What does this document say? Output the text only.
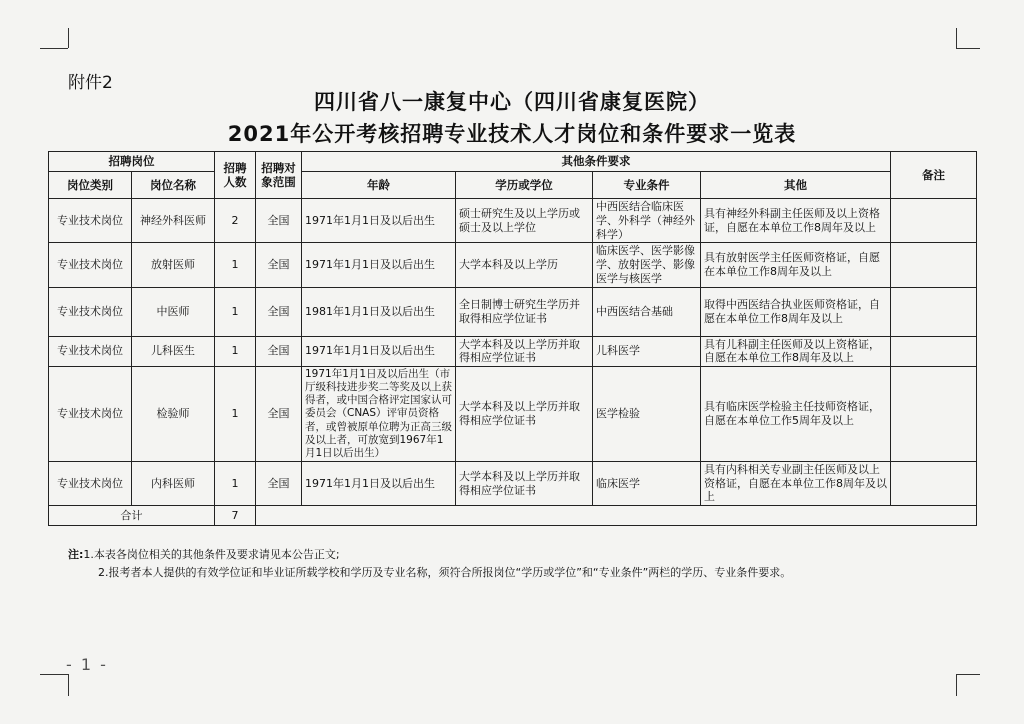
附件2
四川省八一康复中心（四川省康复医院）
2021年公开考核招聘专业技术人才岗位和条件要求一览表
招聘岗位		招聘人数	招聘对象范围	其他条件要求				备注
岗位类别	岗位名称			年龄	学历或学位	专业条件	其他	
专业技术岗位	神经外科医师	2	全国	1971年1月1日及以后出生	硕士研究生及以上学历或硕士及以上学位	中西医结合临床医学、外科学（神经外科学）	具有神经外科副主任医师及以上资格证，自愿在本单位工作8周年及以上	
专业技术岗位	放射医师	1	全国	1971年1月1日及以后出生	大学本科及以上学历	临床医学、医学影像学、放射医学、影像医学与核医学	具有放射医学主任医师资格证，自愿在本单位工作8周年及以上	
专业技术岗位	中医师	1	全国	1981年1月1日及以后出生	全日制博士研究生学历并取得相应学位证书	中西医结合基础	取得中西医结合执业医师资格证，自愿在本单位工作8周年及以上	
专业技术岗位	儿科医生	1	全国	1971年1月1日及以后出生	大学本科及以上学历并取得相应学位证书	儿科医学	具有儿科副主任医师及以上资格证，自愿在本单位工作8周年及以上	
专业技术岗位	检验师	1	全国	1971年1月1日及以后出生（市厅级科技进步奖二等奖及以上获得者，或中国合格评定国家认可委员会（CNAS）评审员资格者，或曾被原单位聘为正高三级及以上者，可放宽到1967年1月1日以后出生）	大学本科及以上学历并取得相应学位证书	医学检验	具有临床医学检验主任技师资格证，自愿在本单位工作5周年及以上	
专业技术岗位	内科医师	1	全国	1971年1月1日及以后出生	大学本科及以上学历并取得相应学位证书	临床医学	具有内科相关专业副主任医师及以上资格证，自愿在本单位工作8周年及以上	
合计		7						
注:1.本表各岗位相关的其他条件及要求请见本公告正文;
2.报考者本人提供的有效学位证和毕业证所载学校和学历及专业名称，须符合所报岗位“学历或学位”和“专业条件”两栏的学历、专业条件要求。
- 1 -
